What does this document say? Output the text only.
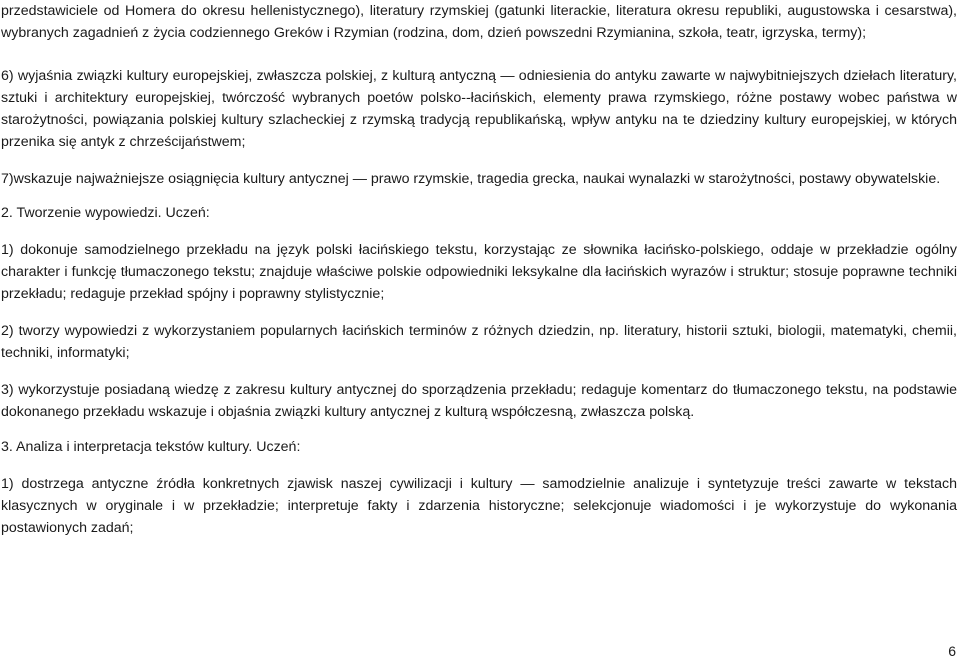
przedstawiciele od Homera do okresu hellenistycznego), literatury rzymskiej (gatunki literackie, literatura okresu republiki, augustowska i cesarstwa), wybranych zagadnień z życia codziennego Greków i Rzymian (rodzina, dom, dzień powszedni Rzymianina, szkoła, teatr, igrzyska, termy);

6) wyjaśnia związki kultury europejskiej, zwłaszcza polskiej, z kulturą antyczną — odniesienia do antyku zawarte w najwybitniejszych dziełach literatury, sztuki i architektury europejskiej, twórczość wybranych poetów polsko--łacińskich, elementy prawa rzymskiego, różne postawy wobec państwa w starożytności, powiązania polskiej kultury szlacheckiej z rzymską tradycją republikańską, wpływ antyku na te dziedziny kultury europejskiej, w których przenika się antyk z chrześcijaństwem;

7)wskazuje najważniejsze osiągnięcia kultury antycznej — prawo rzymskie, tragedia grecka, naukai wynalazki w starożytności, postawy obywatelskie.

2. Tworzenie wypowiedzi. Uczeń:

1) dokonuje samodzielnego przekładu na język polski łacińskiego tekstu, korzystając ze słownika łacińsko-polskiego, oddaje w przekładzie ogólny charakter i funkcję tłumaczonego tekstu; znajduje właściwe polskie odpowiedniki leksykalne dla łacińskich wyrazów i struktur; stosuje poprawne techniki przekładu; redaguje przekład spójny i poprawny stylistycznie;

2) tworzy wypowiedzi z wykorzystaniem popularnych łacińskich terminów z różnych dziedzin, np. literatury, historii sztuki, biologii, matematyki, chemii, techniki, informatyki;

3) wykorzystuje posiadaną wiedzę z zakresu kultury antycznej do sporządzenia przekładu; redaguje komentarz do tłumaczonego tekstu, na podstawie dokonanego przekładu wskazuje i objaśnia związki kultury antycznej z kulturą współczesną, zwłaszcza polską.

3. Analiza i interpretacja tekstów kultury. Uczeń:

1) dostrzega antyczne źródła konkretnych zjawisk naszej cywilizacji i kultury — samodzielnie analizuje i syntetyzuje treści zawarte w tekstach klasycznych w oryginale i w przekładzie; interpretuje fakty i zdarzenia historyczne; selekcjonuje wiadomości i je wykorzystuje do wykonania postawionych zadań;

6
